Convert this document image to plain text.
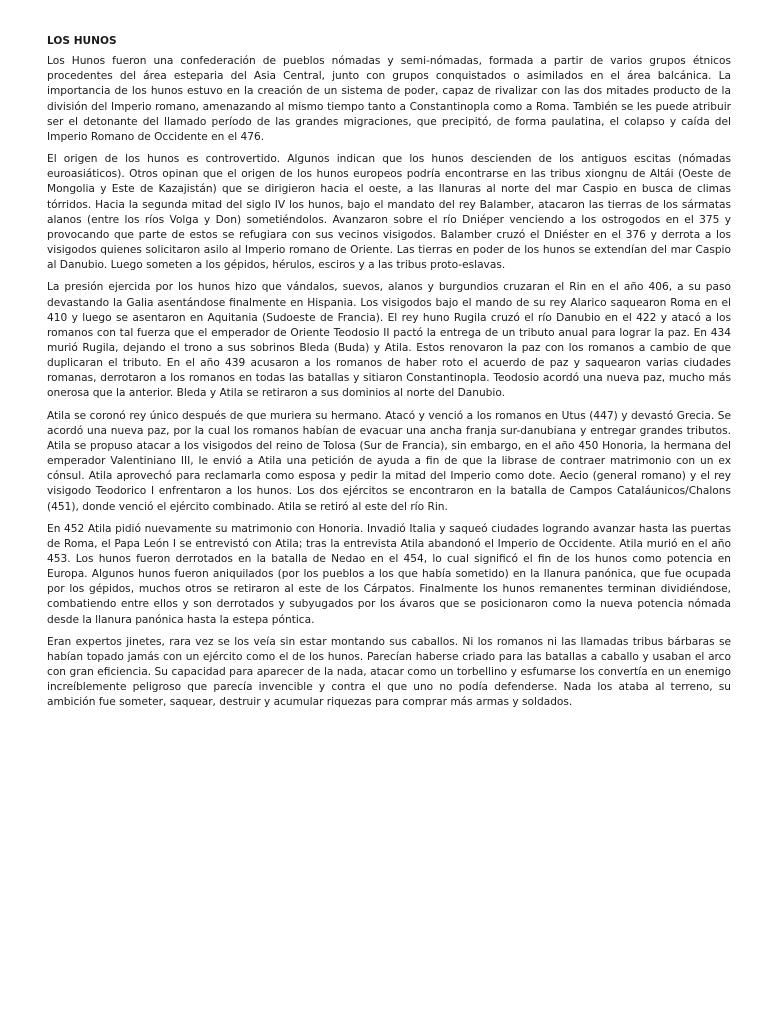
LOS HUNOS

Los Hunos fueron una confederación de pueblos nómadas y semi-nómadas, formada a partir de varios grupos étnicos procedentes del área esteparia del Asia Central, junto con grupos conquistados o asimilados en el área balcánica. La importancia de los hunos estuvo en la creación de un sistema de poder, capaz de rivalizar con las dos mitades producto de la división del Imperio romano, amenazando al mismo tiempo tanto a Constantinopla como a Roma. También se les puede atribuir ser el detonante del llamado período de las grandes migraciones, que precipitó, de forma paulatina, el colapso y caída del Imperio Romano de Occidente en el 476.

El origen de los hunos es controvertido. Algunos indican que los hunos descienden de los antiguos escitas (nómadas euroasiáticos). Otros opinan que el origen de los hunos europeos podría encontrarse en las tribus xiongnu de Altái (Oeste de Mongolia y Este de Kazajistán) que se dirigieron hacia el oeste, a las llanuras al norte del mar Caspio en busca de climas tórridos. Hacia la segunda mitad del siglo IV los hunos, bajo el mandato del rey Balamber, atacaron las tierras de los sármatas alanos (entre los ríos Volga y Don) sometiéndolos. Avanzaron sobre el río Dniéper venciendo a los ostrogodos en el 375 y provocando que parte de estos se refugiara con sus vecinos visigodos. Balamber cruzó el Dniéster en el 376 y derrota a los visigodos quienes solicitaron asilo al Imperio romano de Oriente. Las tierras en poder de los hunos se extendían del mar Caspio al Danubio. Luego someten a los gépidos, hérulos, esciros y a las tribus proto-eslavas.

La presión ejercida por los hunos hizo que vándalos, suevos, alanos y burgundios cruzaran el Rin en el año 406, a su paso devastando la Galia asentándose finalmente en Hispania. Los visigodos bajo el mando de su rey Alarico saquearon Roma en el 410 y luego se asentaron en Aquitania (Sudoeste de Francia). El rey huno Rugila cruzó el río Danubio en el 422 y atacó a los romanos con tal fuerza que el emperador de Oriente Teodosio II pactó la entrega de un tributo anual para lograr la paz. En 434 murió Rugila, dejando el trono a sus sobrinos Bleda (Buda) y Atila. Estos renovaron la paz con los romanos a cambio de que duplicaran el tributo. En el año 439 acusaron a los romanos de haber roto el acuerdo de paz y saquearon varias ciudades romanas, derrotaron a los romanos en todas las batallas y sitiaron Constantinopla. Teodosio acordó una nueva paz, mucho más onerosa que la anterior. Bleda y Atila se retiraron a sus dominios al norte del Danubio.

Atila se coronó rey único después de que muriera su hermano. Atacó y venció a los romanos en Utus (447) y devastó Grecia. Se acordó una nueva paz, por la cual los romanos habían de evacuar una ancha franja sur-danubiana y entregar grandes tributos. Atila se propuso atacar a los visigodos del reino de Tolosa (Sur de Francia), sin embargo, en el año 450 Honoria, la hermana del emperador Valentiniano III, le envió a Atila una petición de ayuda a fin de que la librase de contraer matrimonio con un ex cónsul. Atila aprovechó para reclamarla como esposa y pedir la mitad del Imperio como dote. Aecio (general romano) y el rey visigodo Teodorico I enfrentaron a los hunos. Los dos ejércitos se encontraron en la batalla de Campos Cataláunicos/Chalons (451), donde venció el ejército combinado. Atila se retiró al este del río Rin.

En 452 Atila pidió nuevamente su matrimonio con Honoria. Invadió Italia y saqueó ciudades logrando avanzar hasta las puertas de Roma, el Papa León I se entrevistó con Atila; tras la entrevista Atila abandonó el Imperio de Occidente. Atila murió en el año 453. Los hunos fueron derrotados en la batalla de Nedao en el 454, lo cual significó el fin de los hunos como potencia en Europa. Algunos hunos fueron aniquilados (por los pueblos a los que había sometido) en la llanura panónica, que fue ocupada por los gépidos, muchos otros se retiraron al este de los Cárpatos. Finalmente los hunos remanentes terminan dividiéndose, combatiendo entre ellos y son derrotados y subyugados por los ávaros que se posicionaron como la nueva potencia nómada desde la llanura panónica hasta la estepa póntica.

Eran expertos jinetes, rara vez se los veía sin estar montando sus caballos. Ni los romanos ni las llamadas tribus bárbaras se habían topado jamás con un ejército como el de los hunos. Parecían haberse criado para las batallas a caballo y usaban el arco con gran eficiencia. Su capacidad para aparecer de la nada, atacar como un torbellino y esfumarse los convertía en un enemigo increíblemente peligroso que parecía invencible y contra el que uno no podía defenderse. Nada los ataba al terreno, su ambición fue someter, saquear, destruir y acumular riquezas para comprar más armas y soldados.
